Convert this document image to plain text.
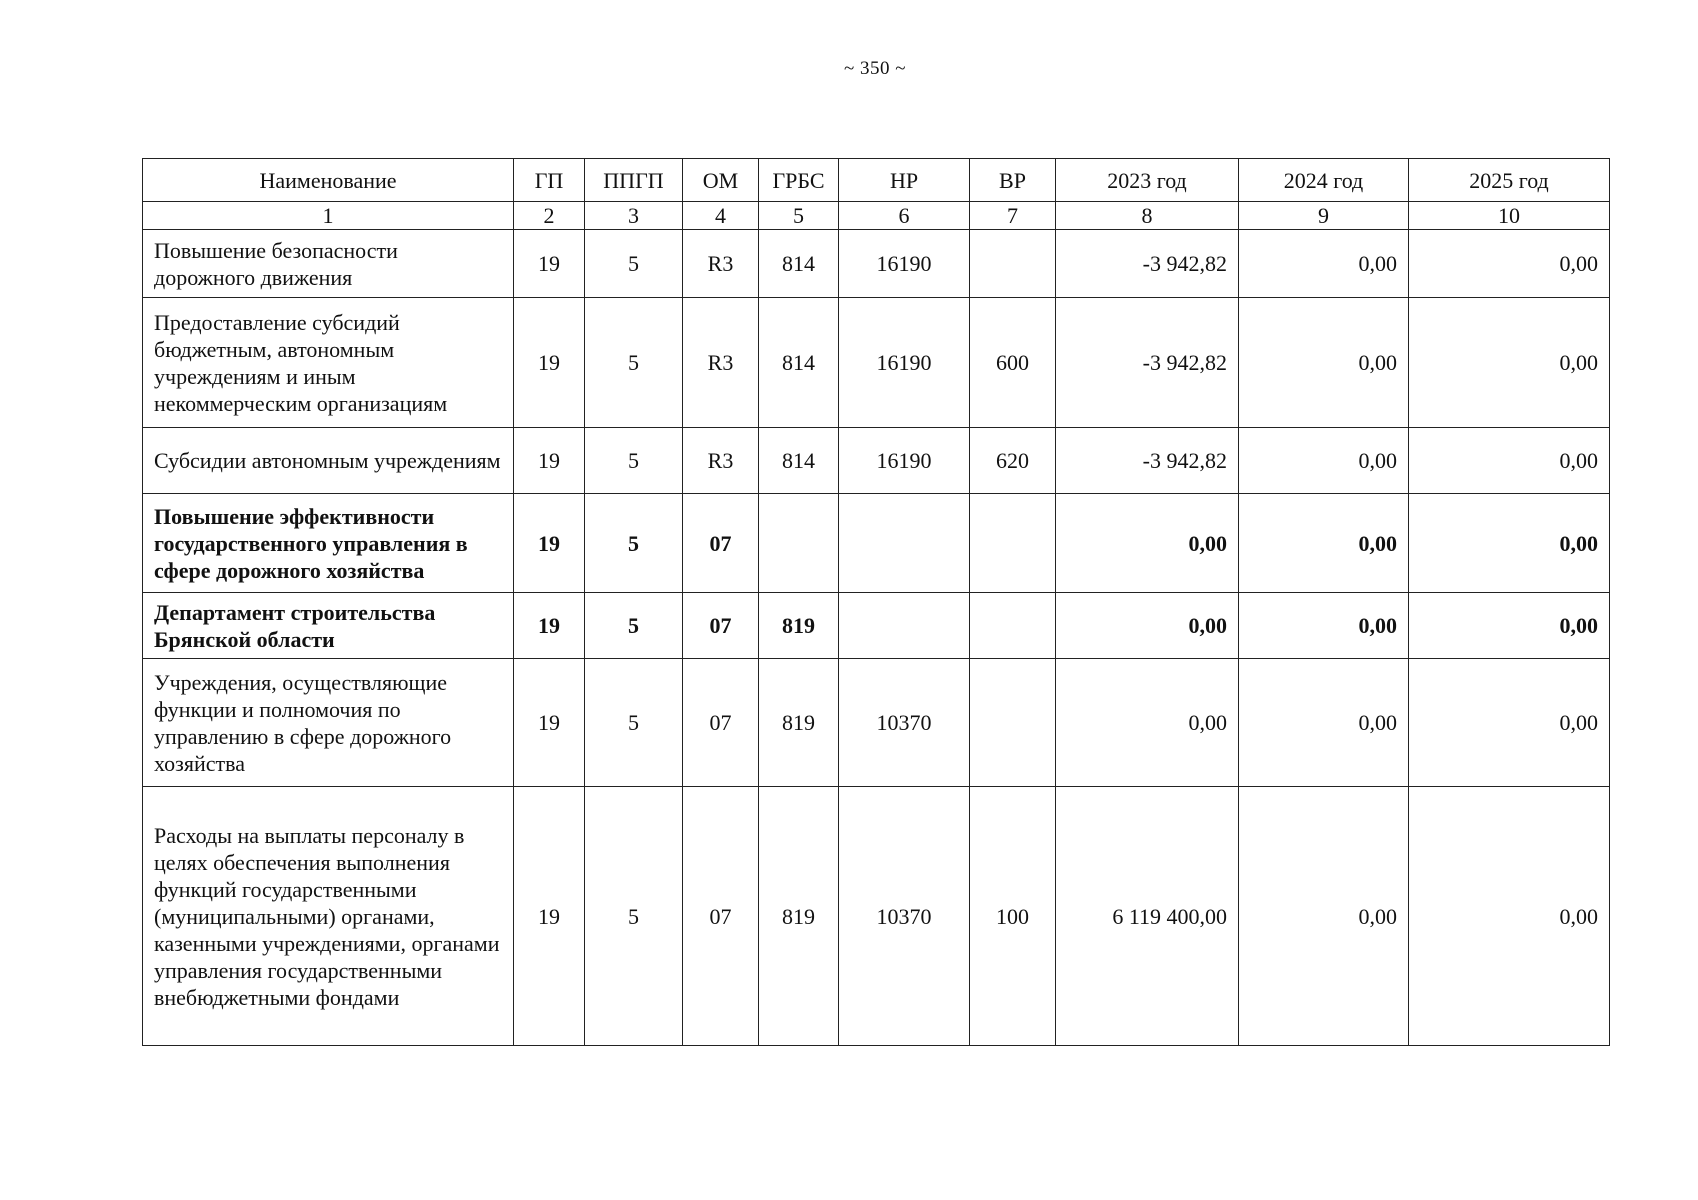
~ 350 ~
Наименование	ГП	ППГП	ОМ	ГРБС	НР	ВР	2023 год	2024 год	2025 год
1	2	3	4	5	6	7	8	9	10
Повышение безопасности дорожного движения	19	5	R3	814	16190		-3 942,82	0,00	0,00
Предоставление субсидий бюджетным, автономным учреждениям и иным некоммерческим организациям	19	5	R3	814	16190	600	-3 942,82	0,00	0,00
Субсидии автономным учреждениям	19	5	R3	814	16190	620	-3 942,82	0,00	0,00
Повышение эффективности государственного управления в сфере дорожного хозяйства	19	5	07				0,00	0,00	0,00
Департамент строительства Брянской области	19	5	07	819			0,00	0,00	0,00
Учреждения, осуществляющие функции и полномочия по управлению в сфере дорожного хозяйства	19	5	07	819	10370		0,00	0,00	0,00
Расходы на выплаты персоналу в целях обеспечения выполнения функций государственными (муниципальными) органами, казенными учреждениями, органами управления государственными внебюджетными фондами	19	5	07	819	10370	100	6 119 400,00	0,00	0,00
